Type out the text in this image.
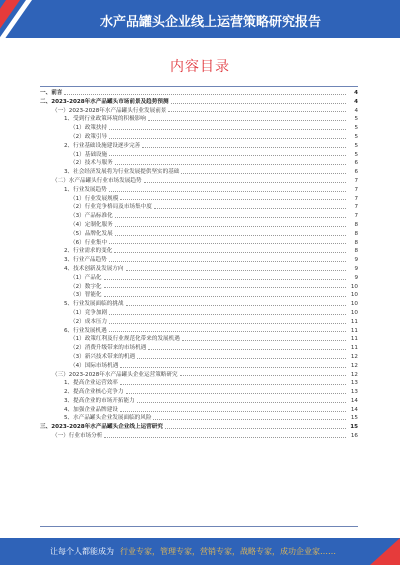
水产品罐头企业线上运营策略研究报告
内容目录
一、前言	4
二、2023-2028年水产品罐头市场前景及趋势预测	4
（一）2023-2028年水产品罐头行业发展前景	4
1、受到行业政策环境的积极影响	5
（1）政策扶持	5
（2）政策引导	5
2、行业基础设施建设逐步完善	5
（1）基础设施	5
（2）技术与服务	6
3、社会经济发展将为行业发展提供坚实的基础	6
（二）水产品罐头行业市场发展趋势	7
1、行业发展趋势	7
（1）行业发展规模	7
（2）行业竞争格局及市场集中度	7
（3）产品标准化	7
（4）定制化服务	8
（5）品牌化发展	8
（6）行业集中	8
2、行业需求的变化	8
3、行业产品趋势	9
4、技术创新及发展方向	9
（1）产品化	9
（2）数字化	10
（3）智能化	10
5、行业发展面临的挑战	10
（1）竞争加剧	10
（2）成本压力	11
6、行业发展机遇	11
（1）政策红利及行业规范化带来的发展机遇	11
（2）消费升级带来的市场机遇	11
（3）新兴技术带来的机遇	12
（4）国际市场机遇	12
（三）2023-2028年水产品罐头企业运营策略研究	12
1、提高企业运营效率	13
2、提高企业核心竞争力	13
3、提高企业的市场开拓能力	14
4、加强企业品牌建设	14
5、水产品罐头企业发展面临的风险	15
三、2023-2028年水产品罐头企业线上运营研究	15
（一）行业市场分析	16
让每个人都能成为 行业专家，管理专家，营销专家，战略专家，成功企业家……
